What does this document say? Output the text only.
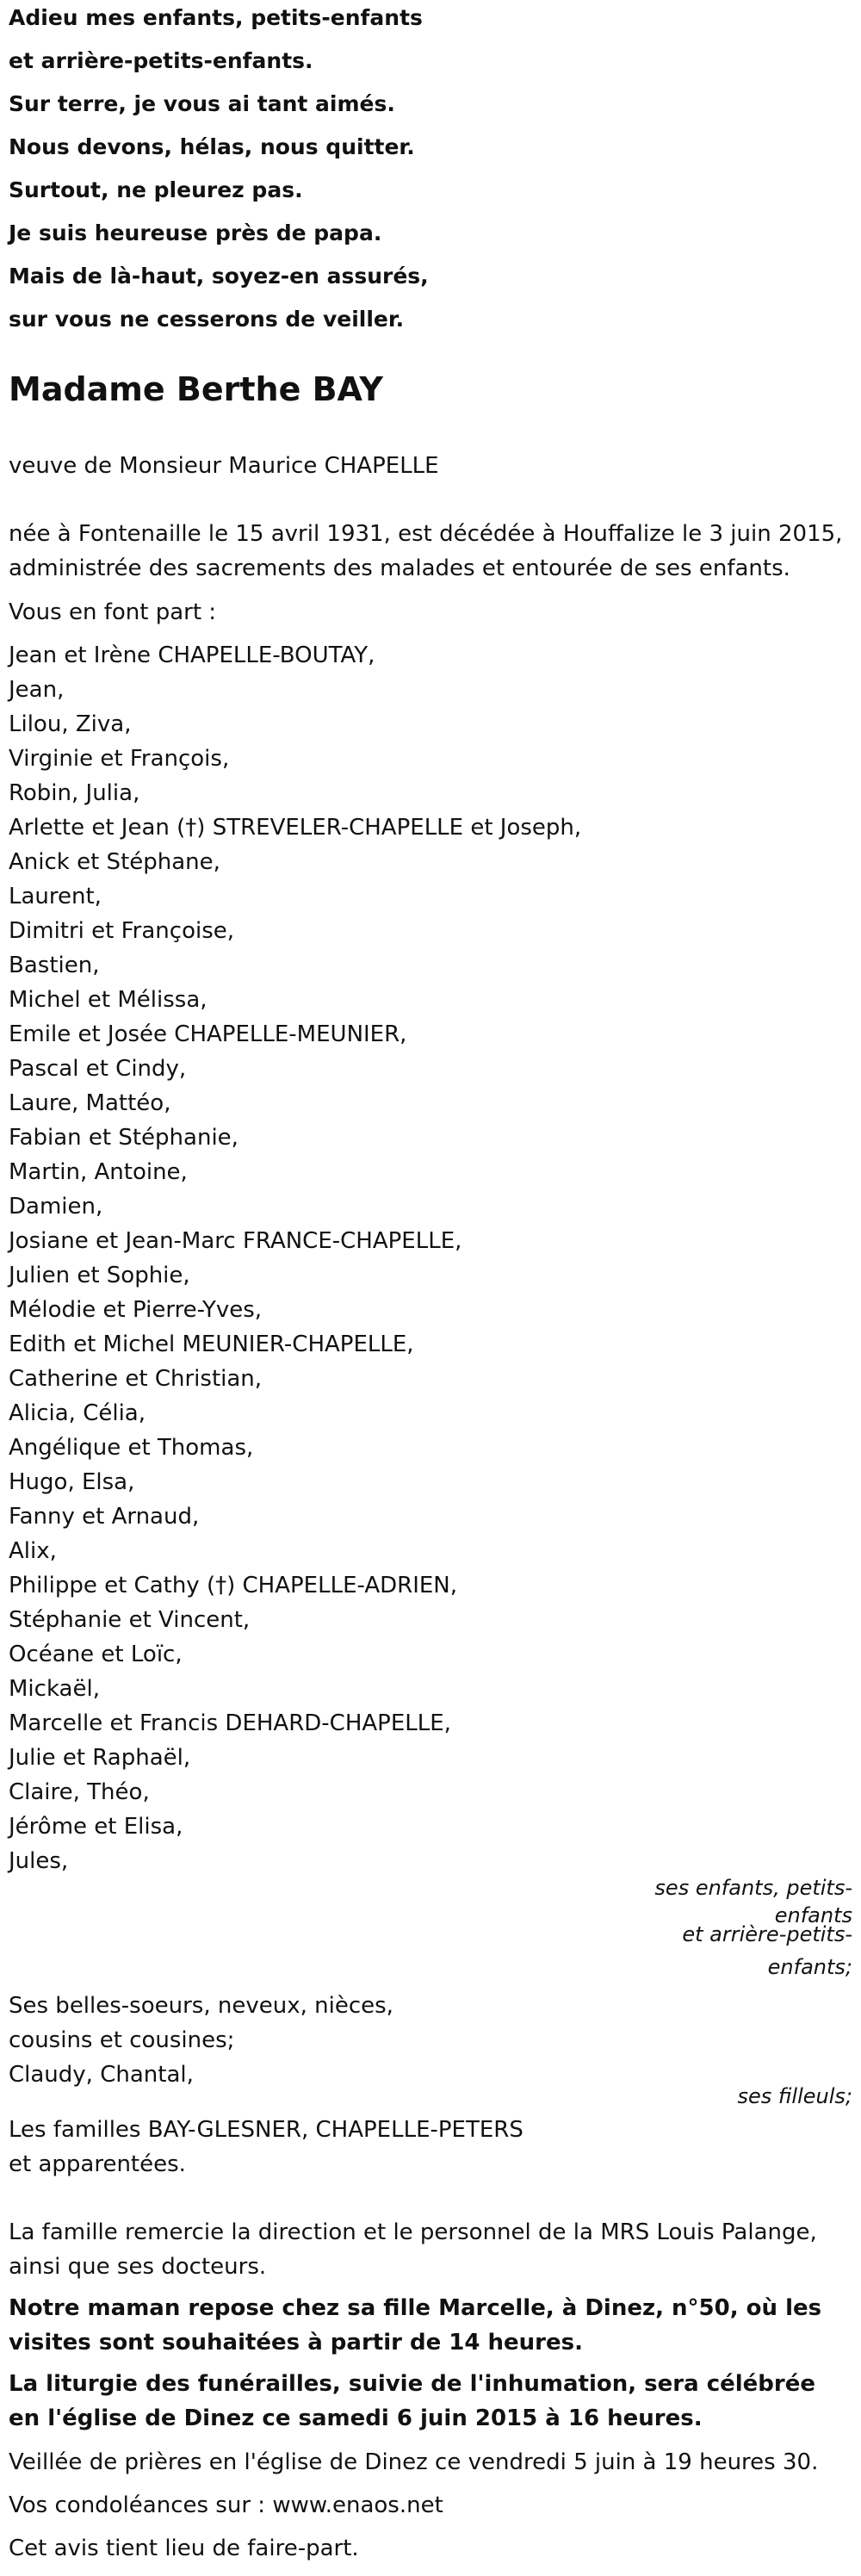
Adieu mes enfants, petits-enfants
et arrière-petits-enfants.
Sur terre, je vous ai tant aimés.
Nous devons, hélas, nous quitter.
Surtout, ne pleurez pas.
Je suis heureuse près de papa.
Mais de là-haut, soyez-en assurés,
sur vous ne cesserons de veiller.
Madame Berthe BAY
veuve de Monsieur Maurice CHAPELLE
née à Fontenaille le 15 avril 1931, est décédée à Houffalize le 3 juin 2015, administrée des sacrements des malades et entourée de ses enfants.
Vous en font part :
Jean et Irène CHAPELLE-BOUTAY,
Jean,
Lilou, Ziva,
Virginie et François,
Robin, Julia,
Arlette et Jean (†) STREVELER-CHAPELLE et Joseph,
Anick et Stéphane,
Laurent,
Dimitri et Françoise,
Bastien,
Michel et Mélissa,
Emile et Josée CHAPELLE-MEUNIER,
Pascal et Cindy,
Laure, Mattéo,
Fabian et Stéphanie,
Martin, Antoine,
Damien,
Josiane et Jean-Marc FRANCE-CHAPELLE,
Julien et Sophie,
Mélodie et Pierre-Yves,
Edith et Michel MEUNIER-CHAPELLE,
Catherine et Christian,
Alicia, Célia,
Angélique et Thomas,
Hugo, Elsa,
Fanny et Arnaud,
Alix,
Philippe et Cathy (†) CHAPELLE-ADRIEN,
Stéphanie et Vincent,
Océane et Loïc,
Mickaël,
Marcelle et Francis DEHARD-CHAPELLE,
Julie et Raphaël,
Claire, Théo,
Jérôme et Elisa,
Jules,
ses enfants, petits-
enfants
et arrière-petits-
enfants;
Ses belles-soeurs, neveux, nièces,
cousins et cousines;
Claudy, Chantal,
ses filleuls;
Les familles BAY-GLESNER, CHAPELLE-PETERS
et apparentées.
La famille remercie la direction et le personnel de la MRS Louis Palange, ainsi que ses docteurs.
Notre maman repose chez sa fille Marcelle, à Dinez, n°50, où les visites sont souhaitées à partir de 14 heures.
La liturgie des funérailles, suivie de l'inhumation, sera célébrée en l'église de Dinez ce samedi 6 juin 2015 à 16 heures.
Veillée de prières en l'église de Dinez ce vendredi 5 juin à 19 heures 30.
Vos condoléances sur : www.enaos.net
Cet avis tient lieu de faire-part.
